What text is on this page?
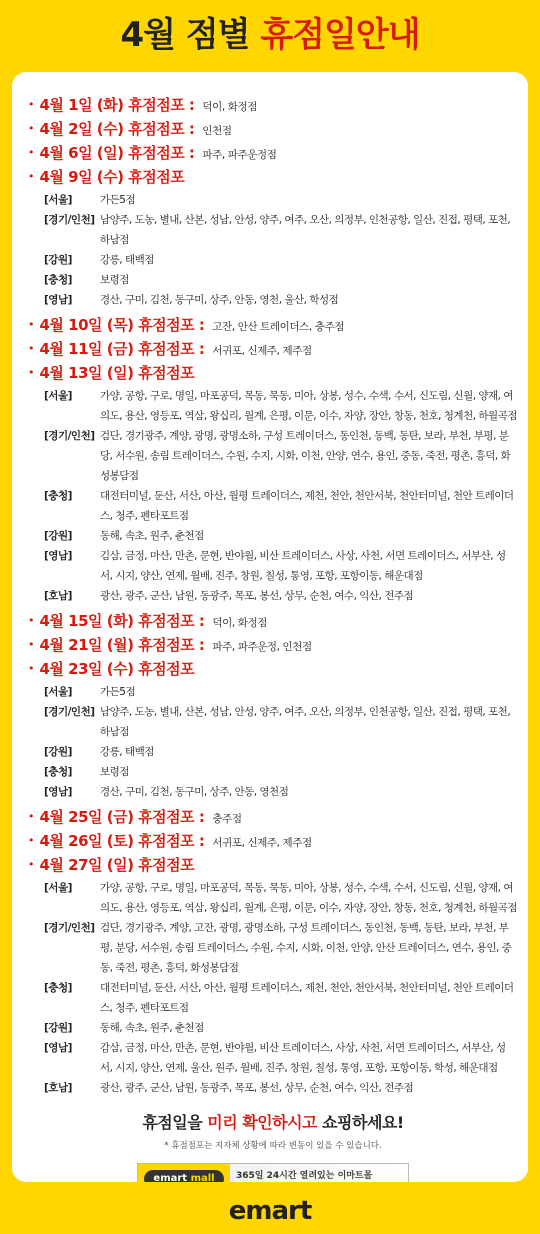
4월 점별 휴점일안내
• 4월 1일 (화) 휴점점포 : 덕이, 화정점
• 4월 2일 (수) 휴점점포 : 인천점
• 4월 6일 (일) 휴점점포 : 파주, 파주운정점
• 4월 9일 (수) 휴점점포
[서울]	가든5점
[경기/인천] 남양주, 도농, 별내, 산본, 성남, 안성, 양주, 여주, 오산, 의정부, 인천공항, 일산, 진접, 평택, 포천, 하남점
[강원]	강릉, 태백점
[충청]	보령점
[영남]	경산, 구미, 김천, 동구미, 상주, 안동, 영천, 울산, 학성점
• 4월 10일 (목) 휴점점포 : 고잔, 안산 트레이더스, 충주점
• 4월 11일 (금) 휴점점포 : 서귀포, 신제주, 제주점
• 4월 13일 (일) 휴점점포
[서울]	가양, 공항, 구로, 명일, 마포공덕, 목동, 묵동, 미아, 상봉, 성수, 수색, 수서, 신도림, 신월, 양재, 여의도, 용산, 영등포, 역삼, 왕십리, 월계, 은평, 이문, 이수, 자양, 장안, 창동, 천호, 청계천, 하월곡점
[경기/인천] 검단, 경기광주, 계양, 광명, 광명소하, 구성 트레이더스, 동인천, 동백, 동탄, 보라, 부천, 부평, 분당, 서수원, 송림 트레이더스, 수원, 수지, 시화, 이천, 안양, 연수, 용인, 중동, 죽전, 평촌, 흥덕, 화성봉담점
[충청]	대전터미널, 둔산, 서산, 아산, 월평 트레이더스, 제천, 천안, 천안서북, 천안터미널, 천안 트레이더스, 청주, 펜타포트점
[강원]	동해, 속초, 원주, 춘천점
[영남]	김삼, 금정, 마산, 만촌, 문현, 반야월, 비산 트레이더스, 사상, 사천, 서면 트레이더스, 서부산, 성서, 시지, 양산, 연제, 월배, 진주, 창원, 칠성, 통영, 포항, 포항이동, 해운대점
[호남]	광산, 광주, 군산, 남원, 동광주, 목포, 봉선, 상무, 순천, 여수, 익산, 전주점
• 4월 15일 (화) 휴점점포 : 덕이, 화정점
• 4월 21일 (월) 휴점점포 : 파주, 파주운정, 인천점
• 4월 23일 (수) 휴점점포
[서울]	가든5점
[경기/인천] 남양주, 도농, 별내, 산본, 성남, 안성, 양주, 여주, 오산, 의정부, 인천공항, 일산, 진접, 평택, 포천, 하남점
[강원]	강릉, 태백점
[충청]	보령점
[영남]	경산, 구미, 김천, 동구미, 상주, 안동, 영천점
• 4월 25일 (금) 휴점점포 : 충주점
• 4월 26일 (토) 휴점점포 : 서귀포, 신제주, 제주점
• 4월 27일 (일) 휴점점포
[서울]	가양, 공항, 구로, 명일, 마포공덕, 목동, 묵동, 미아, 상봉, 성수, 수색, 수서, 신도림, 신월, 양재, 여의도, 용산, 영등포, 역삼, 왕십리, 월계, 은평, 이문, 이수, 자양, 장안, 창동, 천호, 청계천, 하월곡점
[경기/인천] 검단, 경기광주, 계양, 고잔, 광명, 광명소하, 구성 트레이더스, 동인천, 동백, 동탄, 보라, 부천, 부평, 분당, 서수원, 송림 트레이더스, 수원, 수지, 시화, 이천, 안양, 안산 트레이더스, 연수, 용인, 중동, 죽전, 평촌, 흥덕, 화성봉담점
[충청]	대전터미널, 둔산, 서산, 아산, 월평 트레이더스, 제천, 천안, 천안서북, 천안터미널, 천안 트레이더스, 청주, 펜타포트점
[강원]	동해, 속초, 원주, 춘천점
[영남]	감삼, 금정, 마산, 만촌, 문현, 반야월, 비산 트레이더스, 사상, 사천, 서면 트레이더스, 서부산, 성서, 시지, 양산, 연제, 울산, 원주, 월배, 진주, 창원, 칠성, 통영, 포항, 포항이동, 학성, 해운대점
[호남]	광산, 광주, 군산, 남원, 동광주, 목포, 봉선, 상무, 순천, 여수, 익산, 전주점
휴점일을 미리 확인하시고 쇼핑하세요!
* 휴점점포는 지자체 상황에 따라 변동이 있을 수 있습니다.
emart mall	365일 24시간 열려있는 이마트몰
emart
